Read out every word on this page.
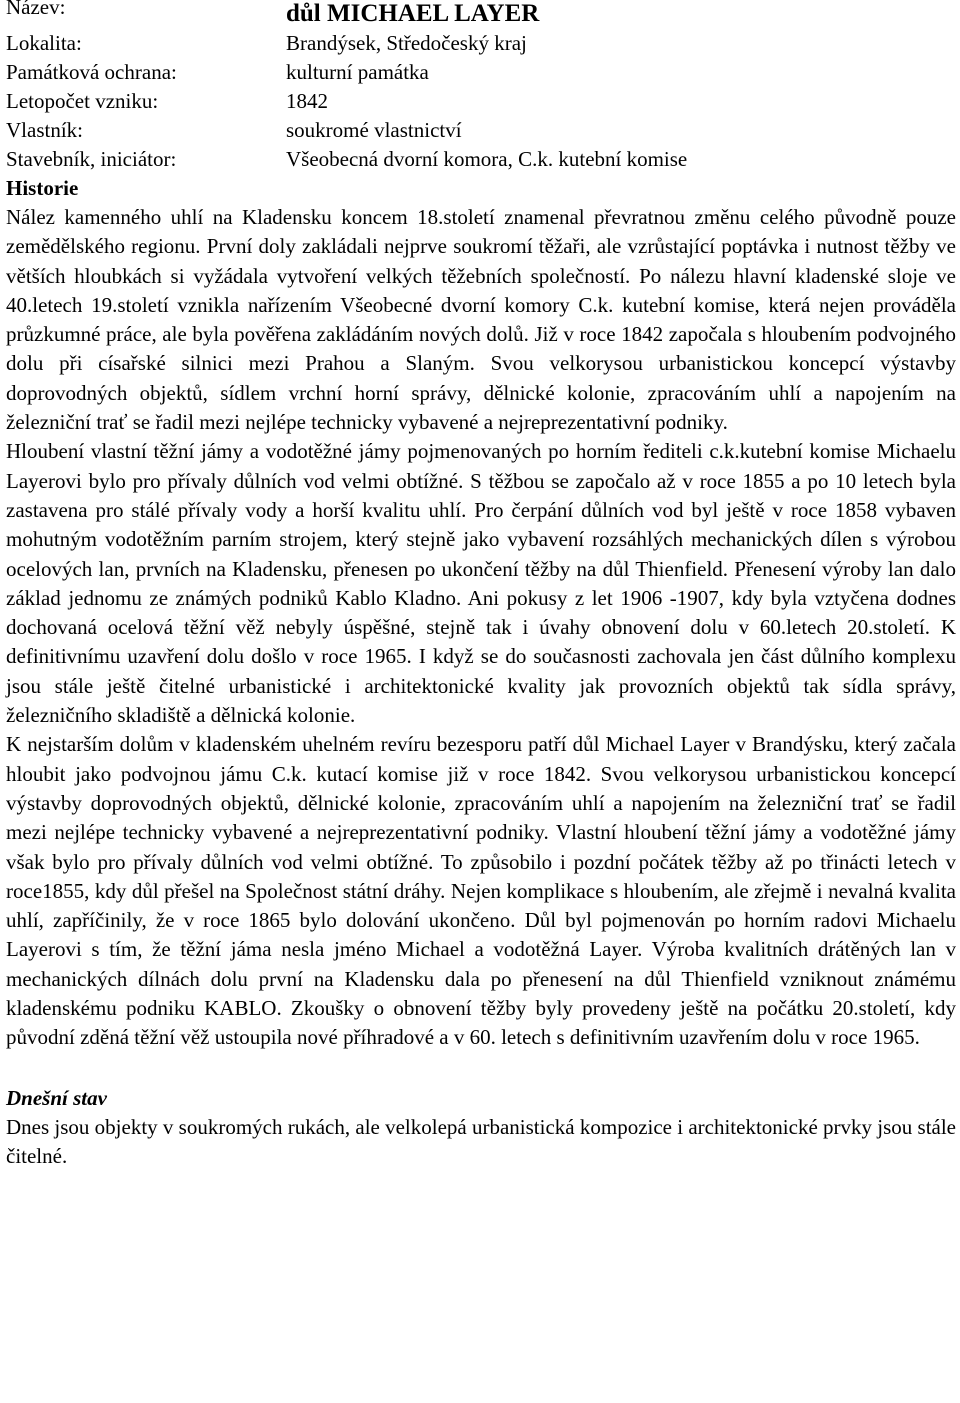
Název:	důl MICHAEL LAYER
Lokalita:	Brandýsek, Středočeský kraj
Památková ochrana:	kulturní památka
Letopočet vzniku:	1842
Vlastník:	soukromé vlastnictví
Stavebník, iniciátor:	Všeobecná dvorní komora, C.k. kutební komise
Historie

Nález kamenného uhlí na Kladensku koncem 18.století znamenal převratnou změnu celého původně pouze zemědělského regionu. První doly zakládali nejprve soukromí těžaři, ale vzrůstající poptávka i nutnost těžby ve větších hloubkách si vyžádala vytvoření velkých těžebních společností. Po nálezu hlavní kladenské sloje ve 40.letech 19.století vznikla nařízením Všeobecné dvorní komory C.k. kutební komise, která nejen prováděla průzkumné práce, ale byla pověřena zakládáním nových dolů. Již v roce 1842 započala s hloubením podvojného dolu při císařské silnici mezi Prahou a Slaným. Svou velkorysou urbanistickou koncepcí výstavby doprovodných objektů, sídlem vrchní horní správy, dělnické kolonie, zpracováním uhlí a napojením na železniční trať se řadil mezi nejlépe technicky vybavené a nejreprezentativní podniky.

Hloubení vlastní těžní jámy a vodotěžné jámy pojmenovaných po horním řediteli c.k.kutební komise Michaelu Layerovi bylo pro přívaly důlních vod velmi obtížné. S těžbou se započalo až v roce 1855 a po 10 letech byla zastavena pro stálé přívaly vody a horší kvalitu uhlí. Pro čerpání důlních vod byl ještě v roce 1858 vybaven mohutným vodotěžním parním strojem, který stejně jako vybavení rozsáhlých mechanických dílen s výrobou ocelových lan, prvních na Kladensku, přenesen po ukončení těžby na důl Thienfield. Přenesení výroby lan dalo základ jednomu ze známých podniků Kablo Kladno. Ani pokusy z let 1906 -1907, kdy byla vztyčena dodnes dochovaná ocelová těžní věž nebyly úspěšné, stejně tak i úvahy obnovení dolu v 60.letech 20.století. K definitivnímu uzavření dolu došlo v roce 1965. I když se do současnosti zachovala jen část důlního komplexu jsou stále ještě čitelné urbanistické i architektonické kvality jak provozních objektů tak sídla správy, železničního skladiště a dělnická kolonie.

K nejstarším dolům v kladenském uhelném revíru bezesporu patří důl Michael Layer v Brandýsku, který začala hloubit jako podvojnou jámu C.k. kutací komise již v roce 1842. Svou velkorysou urbanistickou koncepcí výstavby doprovodných objektů, dělnické kolonie, zpracováním uhlí a napojením na železniční trať se řadil mezi nejlépe technicky vybavené a nejreprezentativní podniky. Vlastní hloubení těžní jámy a vodotěžné jámy však bylo pro přívaly důlních vod velmi obtížné. To způsobilo i pozdní počátek těžby až po třinácti letech v roce1855, kdy důl přešel na Společnost státní dráhy. Nejen komplikace s hloubením, ale zřejmě i nevalná kvalita uhlí, zapříčinily, že v roce 1865 bylo dolování ukončeno. Důl byl pojmenován po horním radovi Michaelu Layerovi s tím, že těžní jáma nesla jméno Michael a vodotěžná Layer. Výroba kvalitních drátěných lan v mechanických dílnách dolu první na Kladensku dala po přenesení na důl Thienfield vzniknout známému kladenskému podniku KABLO. Zkoušky o obnovení těžby byly provedeny ještě na počátku 20.století, kdy původní zděná těžní věž ustoupila nové příhradové a v 60. letech s definitivním uzavřením dolu v roce 1965.

Dnešní stav

Dnes jsou objekty v soukromých rukách, ale velkolepá urbanistická kompozice i architektonické prvky jsou stále čitelné.
